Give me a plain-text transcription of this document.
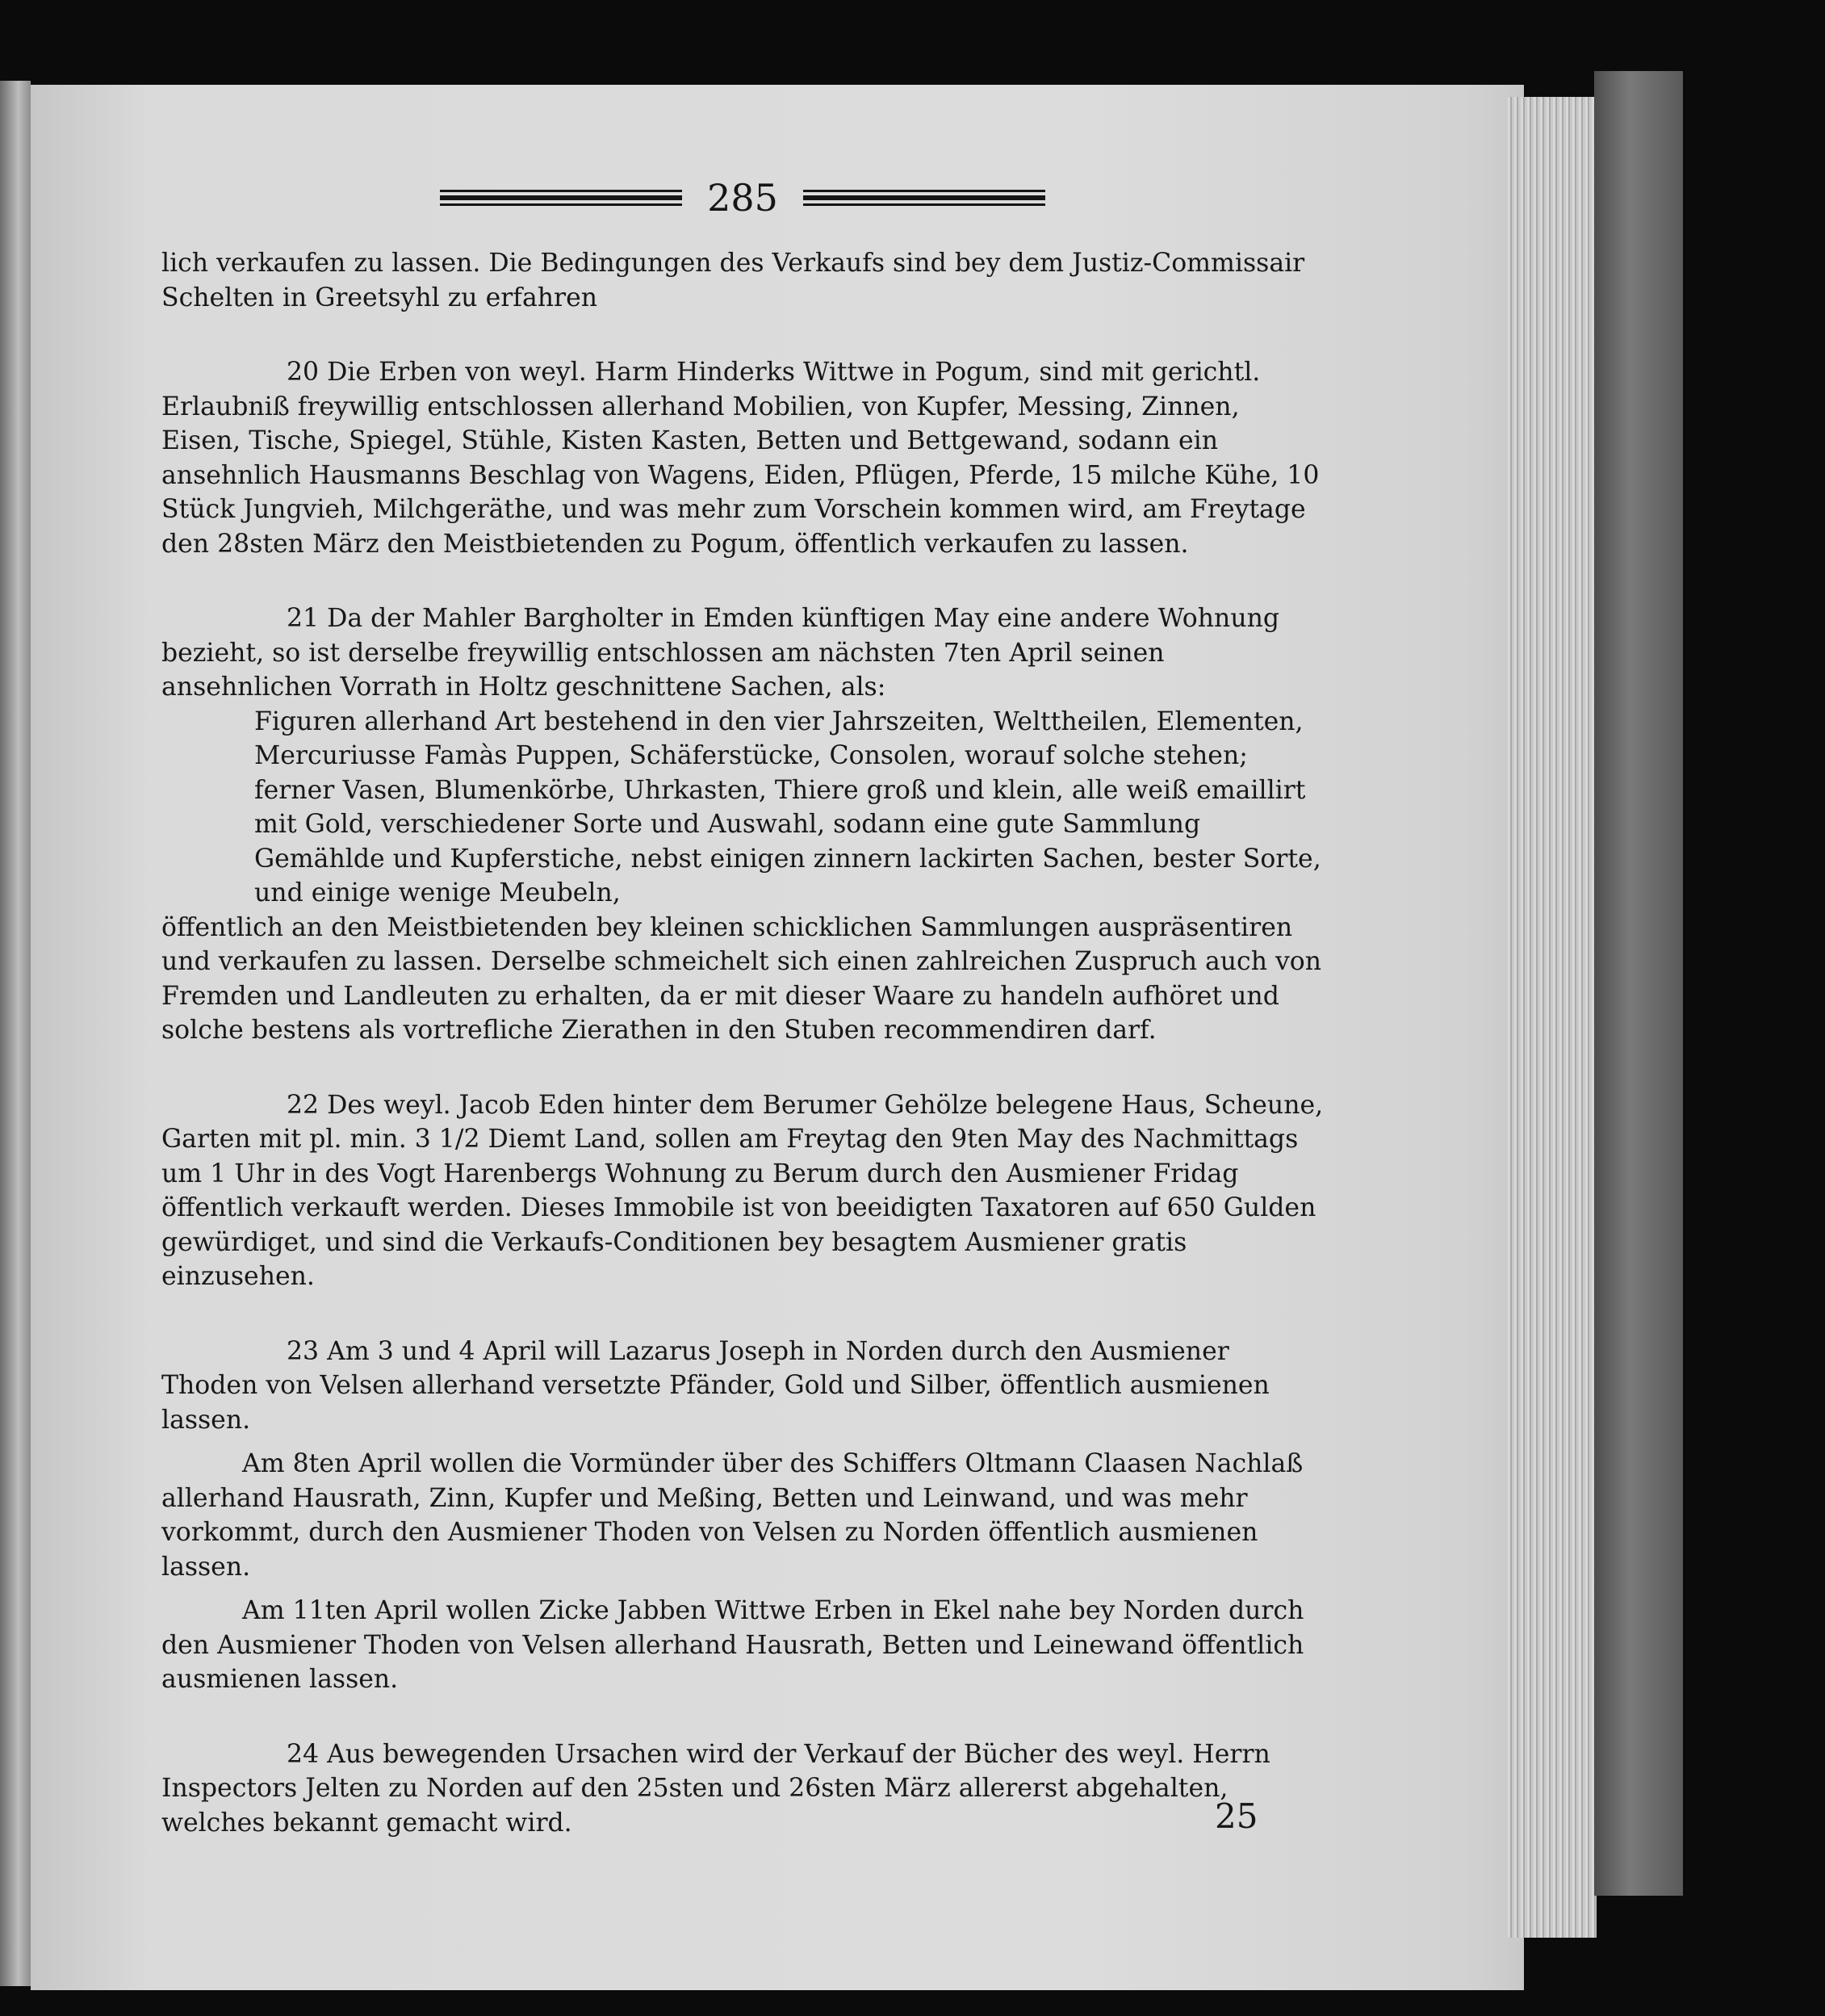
285

lich verkaufen zu lassen. Die Bedingungen des Verkaufs sind bey dem Justiz-Commissair Schelten in Greetsyhl zu erfahren

20 Die Erben von weyl. Harm Hinderks Wittwe in Pogum, sind mit gerichtl. Erlaubniß freywillig entschlossen allerhand Mobilien, von Kupfer, Messing, Zinnen, Eisen, Tische, Spiegel, Stühle, Kisten Kasten, Betten und Bettgewand, sodann ein ansehnlich Hausmanns Beschlag von Wagens, Eiden, Pflügen, Pferde, 15 milche Kühe, 10 Stück Jungvieh, Milchgeräthe, und was mehr zum Vorschein kommen wird, am Freytage den 28sten März den Meistbietenden zu Pogum, öffentlich verkaufen zu lassen.

21 Da der Mahler Bargholter in Emden künftigen May eine andere Wohnung bezieht, so ist derselbe freywillig entschlossen am nächsten 7ten April seinen ansehnlichen Vorrath in Holtz geschnittene Sachen, als:

Figuren allerhand Art bestehend in den vier Jahrszeiten, Welttheilen, Elementen, Mercuriusse Famàs Puppen, Schäferstücke, Consolen, worauf solche stehen; ferner Vasen, Blumenkörbe, Uhrkasten, Thiere groß und klein, alle weiß emaillirt mit Gold, verschiedener Sorte und Auswahl, sodann eine gute Sammlung Gemählde und Kupferstiche, nebst einigen zinnern lackirten Sachen, bester Sorte, und einige wenige Meubeln,

öffentlich an den Meistbietenden bey kleinen schicklichen Sammlungen auspräsentiren und verkaufen zu lassen. Derselbe schmeichelt sich einen zahlreichen Zuspruch auch von Fremden und Landleuten zu erhalten, da er mit dieser Waare zu handeln aufhöret und solche bestens als vortrefliche Zierathen in den Stuben recommendiren darf.

22 Des weyl. Jacob Eden hinter dem Berumer Gehölze belegene Haus, Scheune, Garten mit pl. min. 3 1/2 Diemt Land, sollen am Freytag den 9ten May des Nachmittags um 1 Uhr in des Vogt Harenbergs Wohnung zu Berum durch den Ausmiener Fridag öffentlich verkauft werden. Dieses Immobile ist von beeidigten Taxatoren auf 650 Gulden gewürdiget, und sind die Verkaufs-Conditionen bey besagtem Ausmiener gratis einzusehen.

23 Am 3 und 4 April will Lazarus Joseph in Norden durch den Ausmiener Thoden von Velsen allerhand versetzte Pfänder, Gold und Silber, öffentlich ausmienen lassen.

Am 8ten April wollen die Vormünder über des Schiffers Oltmann Claasen Nachlaß allerhand Hausrath, Zinn, Kupfer und Meßing, Betten und Leinwand, und was mehr vorkommt, durch den Ausmiener Thoden von Velsen zu Norden öffentlich ausmienen lassen.

Am 11ten April wollen Zicke Jabben Wittwe Erben in Ekel nahe bey Norden durch den Ausmiener Thoden von Velsen allerhand Hausrath, Betten und Leinewand öffentlich ausmienen lassen.

24 Aus bewegenden Ursachen wird der Verkauf der Bücher des weyl. Herrn Inspectors Jelten zu Norden auf den 25sten und 26sten März allererst abgehalten, welches bekannt gemacht wird.	25
